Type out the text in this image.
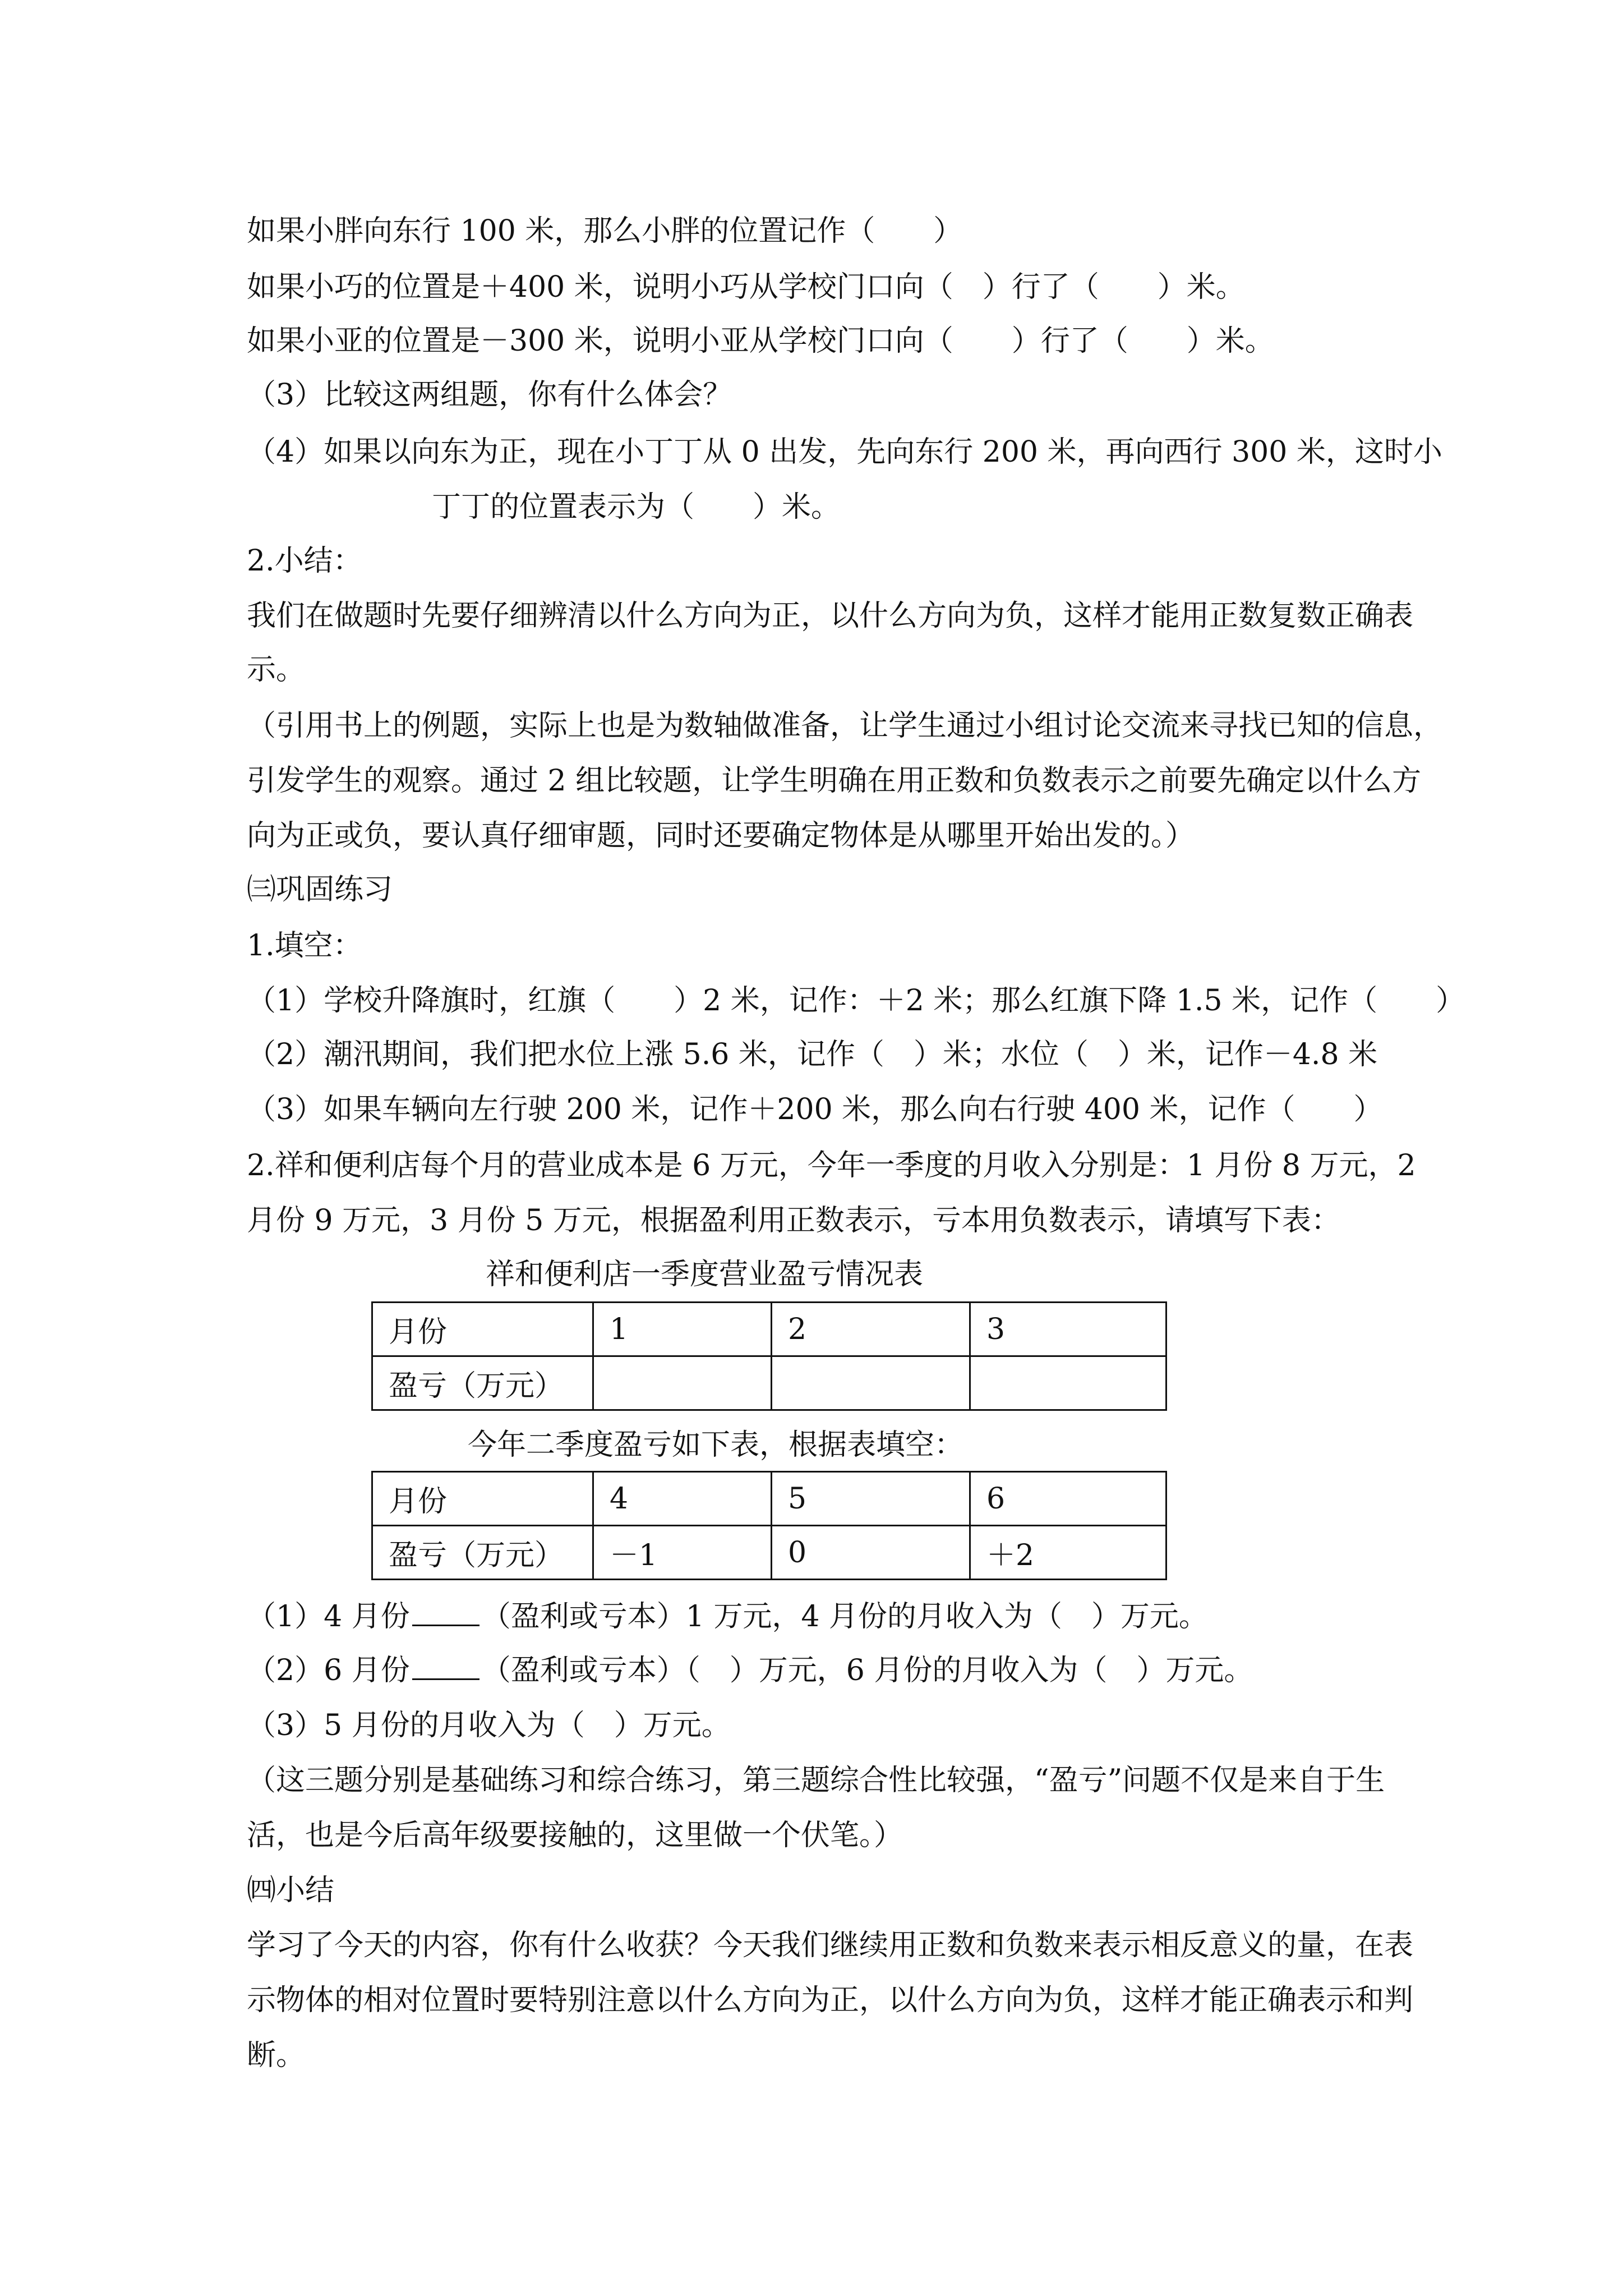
如果小胖向东行 100 米，那么小胖的位置记作（　　）
如果小巧的位置是＋400 米，说明小巧从学校门口向（　）行了（　　）米。
如果小亚的位置是－300 米，说明小亚从学校门口向（　　）行了（　　）米。
（3）比较这两组题，你有什么体会？
（4）如果以向东为正，现在小丁丁从 0 出发，先向东行 200 米，再向西行 300 米，这时小
丁丁的位置表示为（　　）米。
2.小结：
我们在做题时先要仔细辨清以什么方向为正，以什么方向为负，这样才能用正数复数正确表
示。
（引用书上的例题，实际上也是为数轴做准备，让学生通过小组讨论交流来寻找已知的信息，
引发学生的观察。通过 2 组比较题，让学生明确在用正数和负数表示之前要先确定以什么方
向为正或负，要认真仔细审题，同时还要确定物体是从哪里开始出发的。）
㈢巩固练习
1.填空：
（1）学校升降旗时，红旗（　　）2 米，记作：＋2 米；那么红旗下降 1.5 米，记作（　　）
（2）潮汛期间，我们把水位上涨 5.6 米，记作（　）米；水位（　）米，记作－4.8 米
（3）如果车辆向左行驶 200 米，记作＋200 米，那么向右行驶 400 米，记作（　　）
2.祥和便利店每个月的营业成本是 6 万元，今年一季度的月收入分别是：1 月份 8 万元，2
月份 9 万元，3 月份 5 万元，根据盈利用正数表示，亏本用负数表示，请填写下表：
祥和便利店一季度营业盈亏情况表
月份	1	2	3
盈亏（万元）			
今年二季度盈亏如下表，根据表填空：
月份	4	5	6
盈亏（万元）	－1	0	＋2
（1）4 月份 （盈利或亏本）1 万元，4 月份的月收入为（　）万元。
（2）6 月份 （盈利或亏本）（　）万元，6 月份的月收入为（　）万元。
（3）5 月份的月收入为（　）万元。
（这三题分别是基础练习和综合练习，第三题综合性比较强，“盈亏”问题不仅是来自于生
活，也是今后高年级要接触的，这里做一个伏笔。）
㈣小结
学习了今天的内容，你有什么收获？今天我们继续用正数和负数来表示相反意义的量，在表
示物体的相对位置时要特别注意以什么方向为正，以什么方向为负，这样才能正确表示和判
断。
